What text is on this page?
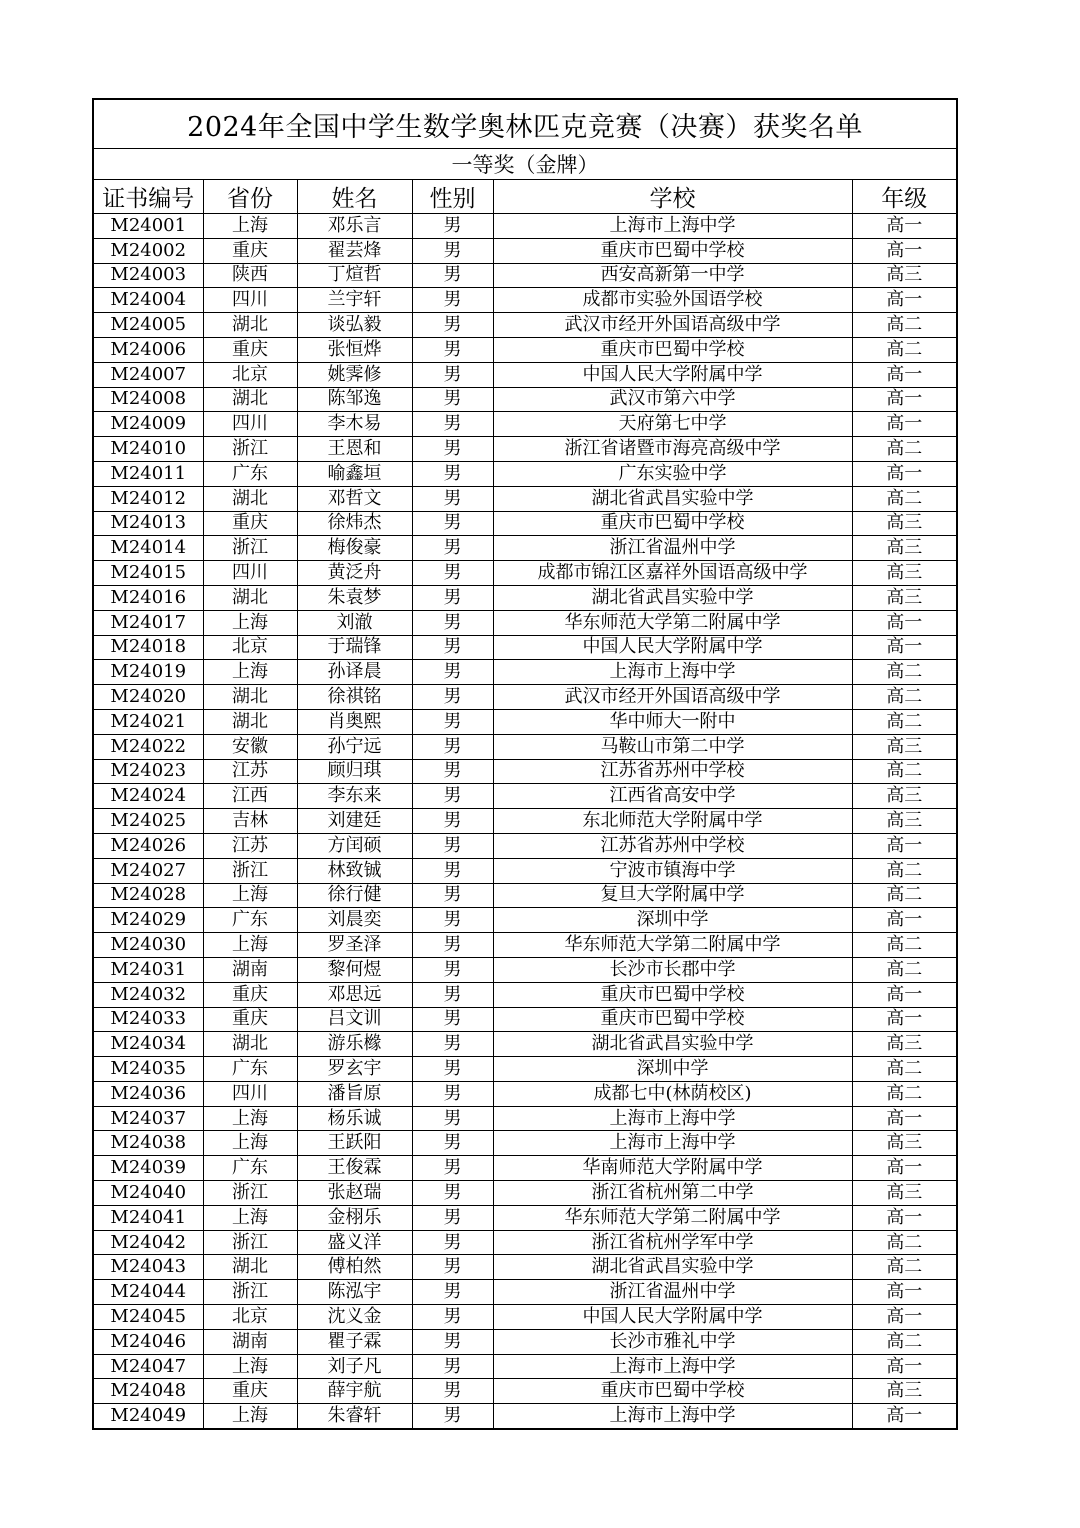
2024年全国中学生数学奥林匹克竞赛（决赛）获奖名单					
一等奖（金牌）					
证书编号	省份	姓名	性别	学校	年级
M24001	上海	邓乐言	男	上海市上海中学	高一
M24002	重庆	翟芸烽	男	重庆市巴蜀中学校	高一
M24003	陕西	丁煊哲	男	西安高新第一中学	高三
M24004	四川	兰宇轩	男	成都市实验外国语学校	高一
M24005	湖北	谈弘毅	男	武汉市经开外国语高级中学	高二
M24006	重庆	张恒烨	男	重庆市巴蜀中学校	高二
M24007	北京	姚霁修	男	中国人民大学附属中学	高一
M24008	湖北	陈邹逸	男	武汉市第六中学	高一
M24009	四川	李木易	男	天府第七中学	高一
M24010	浙江	王恩和	男	浙江省诸暨市海亮高级中学	高二
M24011	广东	喻鑫垣	男	广东实验中学	高一
M24012	湖北	邓哲文	男	湖北省武昌实验中学	高二
M24013	重庆	徐炜杰	男	重庆市巴蜀中学校	高三
M24014	浙江	梅俊豪	男	浙江省温州中学	高三
M24015	四川	黄泛舟	男	成都市锦江区嘉祥外国语高级中学	高三
M24016	湖北	朱袁梦	男	湖北省武昌实验中学	高三
M24017	上海	刘澈	男	华东师范大学第二附属中学	高一
M24018	北京	于瑞锋	男	中国人民大学附属中学	高一
M24019	上海	孙译晨	男	上海市上海中学	高二
M24020	湖北	徐祺铭	男	武汉市经开外国语高级中学	高二
M24021	湖北	肖奥熙	男	华中师大一附中	高二
M24022	安徽	孙宁远	男	马鞍山市第二中学	高三
M24023	江苏	顾归琪	男	江苏省苏州中学校	高二
M24024	江西	李东来	男	江西省高安中学	高三
M24025	吉林	刘建廷	男	东北师范大学附属中学	高三
M24026	江苏	方闰硕	男	江苏省苏州中学校	高一
M24027	浙江	林致铖	男	宁波市镇海中学	高二
M24028	上海	徐行健	男	复旦大学附属中学	高二
M24029	广东	刘晨奕	男	深圳中学	高一
M24030	上海	罗圣泽	男	华东师范大学第二附属中学	高二
M24031	湖南	黎何煜	男	长沙市长郡中学	高二
M24032	重庆	邓思远	男	重庆市巴蜀中学校	高一
M24033	重庆	吕文训	男	重庆市巴蜀中学校	高一
M24034	湖北	游乐橼	男	湖北省武昌实验中学	高三
M24035	广东	罗玄宇	男	深圳中学	高二
M24036	四川	潘旨原	男	成都七中(林荫校区)	高二
M24037	上海	杨乐诚	男	上海市上海中学	高一
M24038	上海	王跃阳	男	上海市上海中学	高三
M24039	广东	王俊霖	男	华南师范大学附属中学	高一
M24040	浙江	张赵瑞	男	浙江省杭州第二中学	高三
M24041	上海	金栩乐	男	华东师范大学第二附属中学	高一
M24042	浙江	盛义洋	男	浙江省杭州学军中学	高二
M24043	湖北	傅柏然	男	湖北省武昌实验中学	高二
M24044	浙江	陈泓宇	男	浙江省温州中学	高一
M24045	北京	沈义金	男	中国人民大学附属中学	高一
M24046	湖南	瞿子霖	男	长沙市雅礼中学	高二
M24047	上海	刘子凡	男	上海市上海中学	高一
M24048	重庆	薛宇航	男	重庆市巴蜀中学校	高三
M24049	上海	朱睿轩	男	上海市上海中学	高一
